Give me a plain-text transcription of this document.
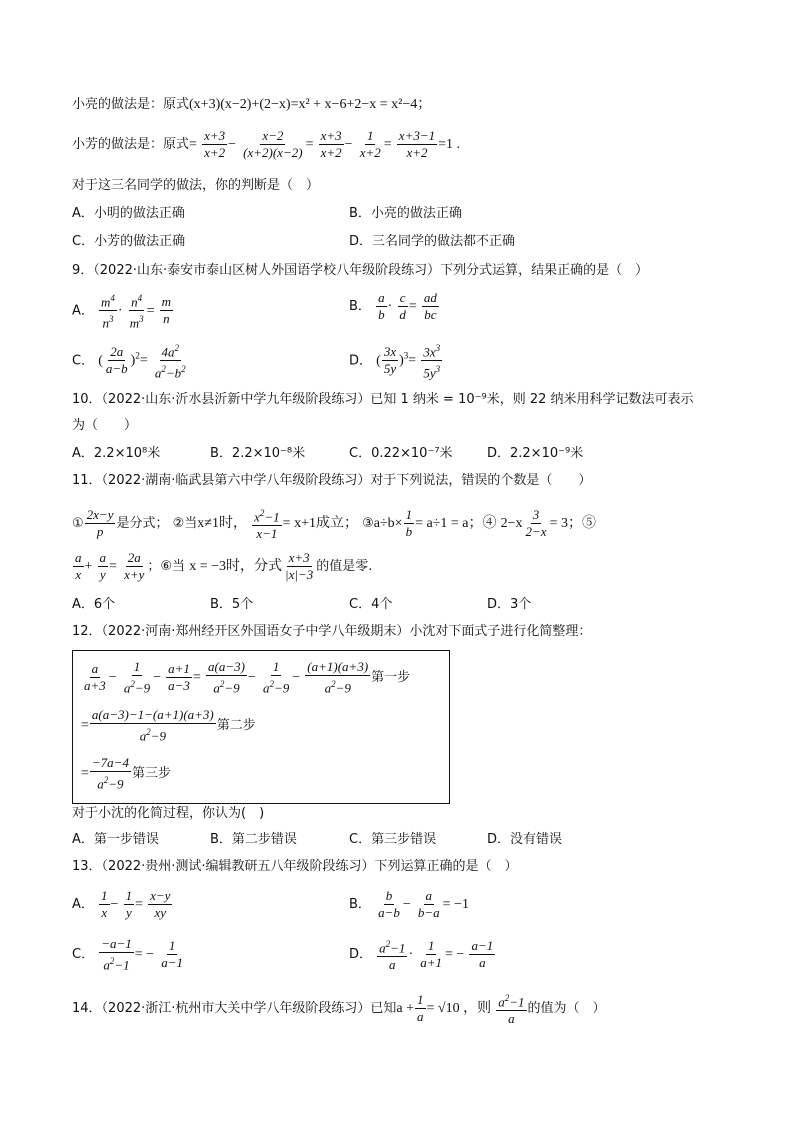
小亮的做法是：原式(x+3)(x−2)+(2−x)=x² + x−6+2−x = x²−4；
小芳的做法是：原式= $\frac{x+3}{x+2} - \frac{x-2}{(x+2)(x-2)} = \frac{x+3}{x+2} - \frac{1}{x+2} = \frac{x+3-1}{x+2} =1$ .
对于这三名同学的做法，你的判断是（　）
A．小明的做法正确	B．小亮的做法正确
C．小芳的做法正确	D．三名同学的做法都不正确
9．（2022·山东·泰安市泰山区树人外国语学校八年级阶段练习）下列分式运算，结果正确的是（　）
A． $\frac{m^4}{n^3} \cdot \frac{n^4}{m^3} = \frac{m}{n}$	B． $\frac{a}{b} \cdot \frac{c}{d} = \frac{ad}{bc}$
C． ( $\frac{2a}{a-b} )^2= \frac{4a^2}{a^2-b^2}$	D． ( $\frac{3x}{5y} )^3= \frac{3x^3}{5y^3}$
10．（2022·山东·沂水县沂新中学九年级阶段练习）已知 1 纳米 = 10⁻⁹米，则 22 纳米用科学记数法可表示
为（　　）
A．2.2×10⁸米	B．2.2×10⁻⁸米	C．0.22×10⁻⁷米	D．2.2×10⁻⁹米
11．（2022·湖南·临武县第六中学八年级阶段练习）对于下列说法，错误的个数是（　　）
① $\frac{2x-y}{p}$ 是分式； ②当x≠1时， $\frac{x^2-1}{x-1} = x+1$成立； ③a÷b× $\frac{1}{b} = a\div 1 = a$；④ $2-x \frac{3}{2-x} = 3$；⑤
$\frac{a}{x} + \frac{a}{y} = \frac{2a}{x+y}$ ；⑥当 x = −3时，分式 $\frac{x+3}{|x|-3}$ 的值是零.
A．6个	B．5个	C．4个	D．3个
12．（2022·河南·郑州经开区外国语女子中学八年级期末）小沈对下面式子进行化简整理：
$\frac{a}{a+3} - \frac{1}{a^2-9} - \frac{a+1}{a-3} = \frac{a(a-3)}{a^2-9} - \frac{1}{a^2-9} - \frac{(a+1)(a+3)}{a^2-9}$ 第一步
= $\frac{a(a-3)-1-(a+1)(a+3)}{a^2-9}$ 第二步
= $\frac{-7a-4}{a^2-9}$ 第三步
对于小沈的化简过程，你认为(　)
A．第一步错误	B．第二步错误	C．第三步错误	D．没有错误
13．（2022·贵州·测试·编辑教研五八年级阶段练习）下列运算正确的是（　）
A． $\frac{1}{x} - \frac{1}{y} = \frac{x-y}{xy}$	B． $\frac{b}{a-b} - \frac{a}{b-a} = -1$
C． $\frac{-a-1}{a^2-1}$ = − $\frac{1}{a-1}$	D． $\frac{a^2-1}{a} \cdot \frac{1}{a+1}$ = − $\frac{a-1}{a}$
14．（2022·浙江·杭州市大关中学八年级阶段练习）已知$a + \frac{1}{a} = √10$ ，则 $\frac{a^2-1}{a}$ 的值为（　）
